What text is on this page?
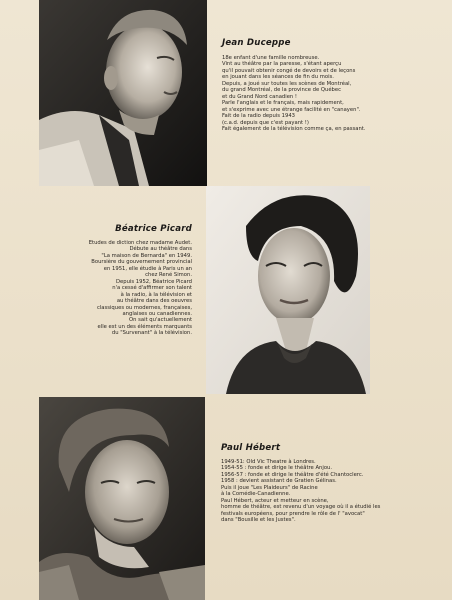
Jean Duceppe
18e enfant d'une famille nombreuse.
Vint au théâtre par la paresse, s'étant aperçu
qu'il pouvait obtenir congé de devoirs et de leçons
en jouant dans les séances de fin du mois.
Depuis, a joué sur toutes les scènes de Montréal,
du grand Montréal, de la province de Québec
et du Grand Nord canadien !
Parle l'anglais et le français, mais rapidement,
et s'exprime avec une étrange facilité en "canayen".
Fait de la radio depuis 1943
(c.a.d. depuis que c'est payant !)
Fait également de la télévision comme ça, en passant.
Béatrice Picard
Etudes de diction chez madame Audet.
Débute au théâtre dans
"La maison de Bernarda" en 1949.
Boursière du gouvernement provincial
en 1951, elle étudie à Paris un an
chez René Simon.
Depuis 1952, Béatrice Picard
n'a cessé d'affirmer son talent
à la radio, à la télévision et
au théâtre dans des oeuvres
classiques ou modernes, françaises,
anglaises ou canadiennes.
On sait qu'actuellement
elle est un des éléments marquants
du "Survenant" à la télévision.
Paul Hébert
1949-51: Old Vic Theatre à Londres.
1954-55 : fonde et dirige le théâtre Anjou.
1956-57 : fonde et dirige le théâtre d'été Chantoclerc.
1958 : devient assistant de Gratien Gélinas.
Puis il joue "Les Plaideurs" de Racine
à la Comédie-Canadienne.
Paul Hébert, acteur et metteur en scène,
homme de théâtre, est revenu d'un voyage où il a étudié les
festivals européens, pour prendre le rôle de l' "avocat"
dans "Bousille et les Justes".
